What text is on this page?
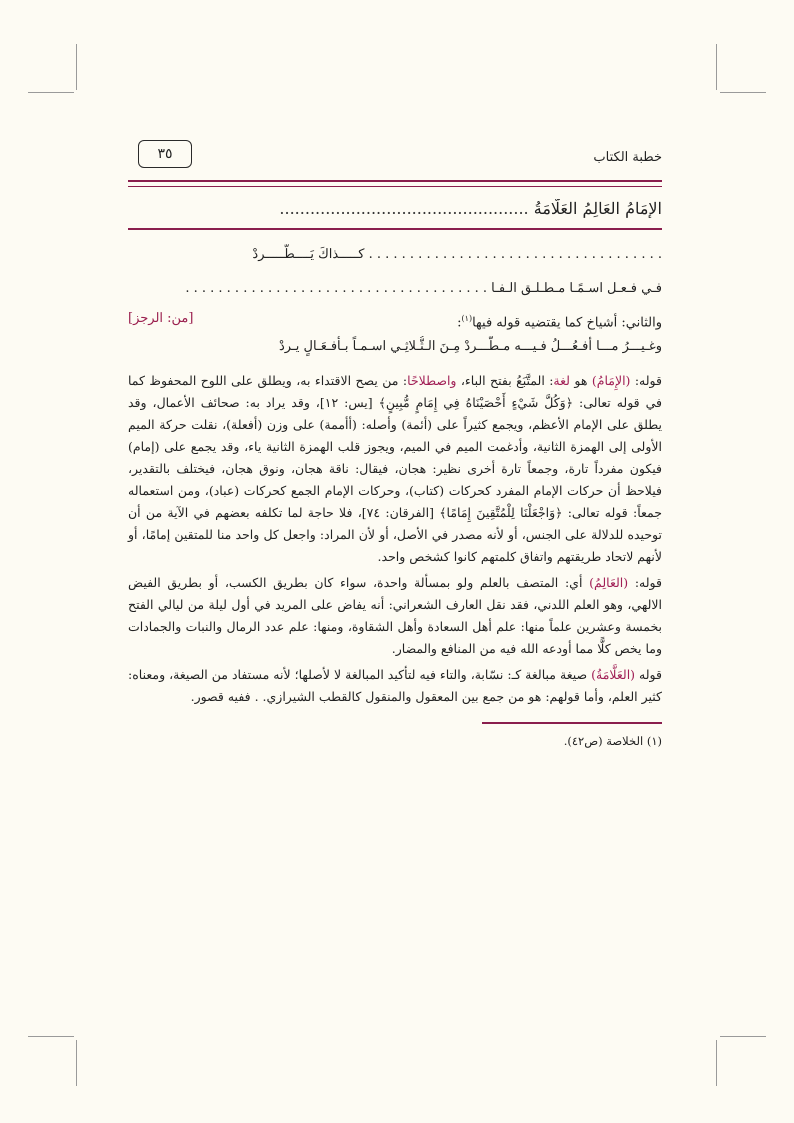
خطبة الكتاب
٣٥
الإِمَامُ العَالِمُ العَلَّامَةُ .................................................
. . . . . . . . . . . . . . . . . . . . . . . . . . . . . . . . . . . . كـــــذاكَ يَــــطَّـــــردْ
فـي فـعـل اسـمًـا مـطـلـق الـفـا . . . . . . . . . . . . . . . . . . . . . . . . . . . . . . . . . . . . .
والثاني: أشياخ كما يقتضيه قوله فيها$^{(١)}$:
[من: الرجز]
وغـيـــرُ مـــا أفـعُـــلُ فـيـــه مـطَّـــردْ مِـنَ الـثُّـلاثِـي اسـمـاً بـأفـعَـالٍ يـردْ

قوله: (الإِمَامُ) هو لغة: المتَّبَعُ بفتح الباء، واصطلاحًا: من يصح الاقتداء به، ويطلق على اللوح المحفوظ كما في قوله تعالى: ﴿وَكُلَّ شَيْءٍ أَحْصَيْنَاهُ فِي إِمَامٍ مُّبِينٍ﴾ [يس: ١٢]، وقد يراد به: صحائف الأعمال، وقد يطلق على الإمام الأعظم، ويجمع كثيراً على (أئمة) وأصله: (أأممة) على وزن (أفعلة)، نقلت حركة الميم الأولى إلى الهمزة الثانية، وأدغمت الميم في الميم، ويجوز قلب الهمزة الثانية ياء، وقد يجمع على (إمام) فيكون مفرداً تارة، وجمعاً تارة أخرى نظير: هجان، فيقال: ناقة هجان، ونوق هجان، فيختلف بالتقدير، فيلاحظ أن حركات الإمام المفرد كحركات (كتاب)، وحركات الإمام الجمع كحركات (عباد)، ومن استعماله جمعاً: قوله تعالى: ﴿وَاجْعَلْنَا لِلْمُتَّقِينَ إِمَامًا﴾ [الفرقان: ٧٤]، فلا حاجة لما تكلفه بعضهم في الآية من أن توحيده للدلالة على الجنس، أو لأنه مصدر في الأصل، أو لأن المراد: واجعل كل واحد منا للمتقين إمامًا، أو لأنهم لاتحاد طريقتهم واتفاق كلمتهم كانوا كشخص واحد.

قوله: (العَالِمُ) أي: المتصف بالعلم ولو بمسألة واحدة، سواء كان بطريق الكسب، أو بطريق الفيض الالهي، وهو العلم اللدني، فقد نقل العارف الشعراني: أنه يفاض على المريد في أول ليلة من ليالي الفتح بخمسة وعشرين علماً منها: علم أهل السعادة وأهل الشقاوة، ومنها: علم عدد الرمال والنبات والجمادات وما يخص كلًّا مما أودعه الله فيه من المنافع والمضار.

قوله (العَلَّامَةُ) صيغة مبالغة كـ: نسّابة، والتاء فيه لتأكيد المبالغة لا لأصلها؛ لأنه مستفاد من الصيغة، ومعناه: كثير العلم، وأما قولهم: هو من جمع بين المعقول والمنقول كالقطب الشيرازي. . ففيه قصور.

(١) الخلاصة (ص٤٢).
